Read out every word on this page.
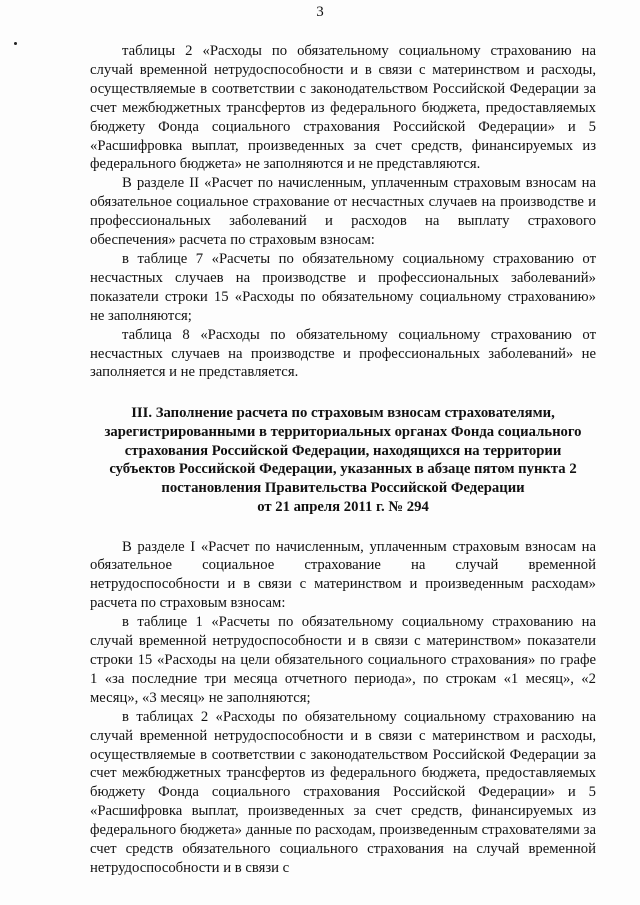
3

таблицы 2 «Расходы по обязательному социальному страхованию на случай временной нетрудоспособности и в связи с материнством и расходы, осуществляемые в соответствии с законодательством Российской Федерации за счет межбюджетных трансфертов из федерального бюджета, предоставляемых бюджету Фонда социального страхования Российской Федерации» и 5 «Расшифровка выплат, произведенных за счет средств, финансируемых из федерального бюджета» не заполняются и не представляются.

В разделе II «Расчет по начисленным, уплаченным страховым взносам на обязательное социальное страхование от несчастных случаев на производстве и профессиональных заболеваний и расходов на выплату страхового обеспечения» расчета по страховым взносам:

в таблице 7 «Расчеты по обязательному социальному страхованию от несчастных случаев на производстве и профессиональных заболеваний» показатели строки 15 «Расходы по обязательному социальному страхованию» не заполняются;

таблица 8 «Расходы по обязательному социальному страхованию от несчастных случаев на производстве и профессиональных заболеваний» не заполняется и не представляется.

III. Заполнение расчета по страховым взносам страхователями,
зарегистрированными в территориальных органах Фонда социального
страхования Российской Федерации, находящихся на территории
субъектов Российской Федерации, указанных в абзаце пятом пункта 2
постановления Правительства Российской Федерации
от 21 апреля 2011 г. № 294

В разделе I «Расчет по начисленным, уплаченным страховым взносам на обязательное социальное страхование на случай временной нетрудоспособности и в связи с материнством и произведенным расходам» расчета по страховым взносам:

в таблице 1 «Расчеты по обязательному социальному страхованию на случай временной нетрудоспособности и в связи с материнством» показатели строки 15 «Расходы на цели обязательного социального страхования» по графе 1 «за последние три месяца отчетного периода», по строкам «1 месяц», «2 месяц», «3 месяц» не заполняются;

в таблицах 2 «Расходы по обязательному социальному страхованию на случай временной нетрудоспособности и в связи с материнством и расходы, осуществляемые в соответствии с законодательством Российской Федерации за счет межбюджетных трансфертов из федерального бюджета, предоставляемых бюджету Фонда социального страхования Российской Федерации» и 5 «Расшифровка выплат, произведенных за счет средств, финансируемых из федерального бюджета» данные по расходам, произведенным страхователями за счет средств обязательного социального страхования на случай временной нетрудоспособности и в связи с
